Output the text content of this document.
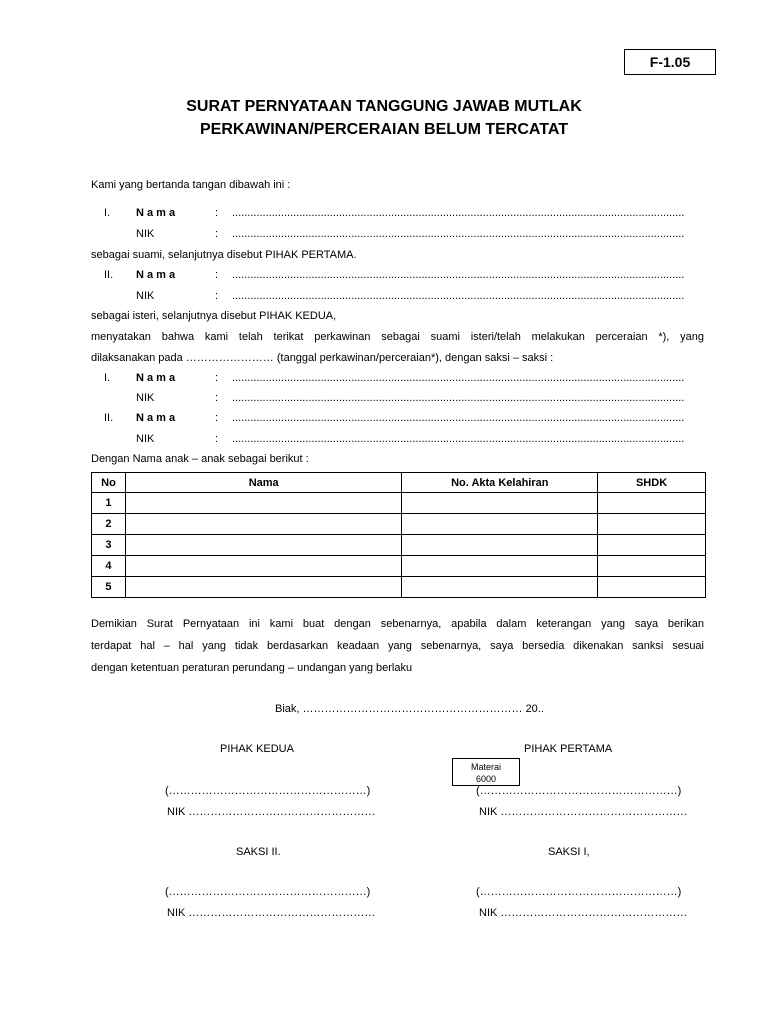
F-1.05
SURAT PERNYATAAN TANGGUNG JAWAB MUTLAK
PERKAWINAN/PERCERAIAN BELUM TERCATAT
Kami yang bertanda tangan dibawah ini :
I. N a m a	: ....................................................................................................................................................
NIK	: ....................................................................................................................................................
sebagai suami, selanjutnya disebut PIHAK PERTAMA.
II. N a m a	: ....................................................................................................................................................
NIK	: ....................................................................................................................................................
sebagai isteri, selanjutnya disebut PIHAK KEDUA,
menyatakan bahwa kami telah terikat perkawinan sebagai suami isteri/telah melakukan perceraian *), yang
dilaksanakan pada …………………… (tanggal perkawinan/perceraian*), dengan saksi – saksi :
I. N a m a	: ....................................................................................................................................................
NIK	: ....................................................................................................................................................
II. N a m a	: ....................................................................................................................................................
NIK	: ....................................................................................................................................................
Dengan Nama anak – anak sebagai berikut :
No	Nama	No. Akta Kelahiran	SHDK
1			
2			
3			
4			
5			
Demikian Surat Pernyataan ini kami buat dengan sebenarnya, apabila dalam keterangan yang saya berikan
terdapat hal – hal yang tidak berdasarkan keadaan yang sebenarnya, saya bersedia dikenakan sanksi sesuai
dengan ketentuan peraturan perundang – undangan yang berlaku
Biak, …………………………………………………… 20..
PIHAK KEDUA	PIHAK PERTAMA
Materai
6000
(………………………………………………)	(………………………………………………)
NIK ……………………………………………	NIK ……………………………………………
SAKSI II.	SAKSI I,
(………………………………………………)	(………………………………………………)
NIK ……………………………………………	NIK ……………………………………………
